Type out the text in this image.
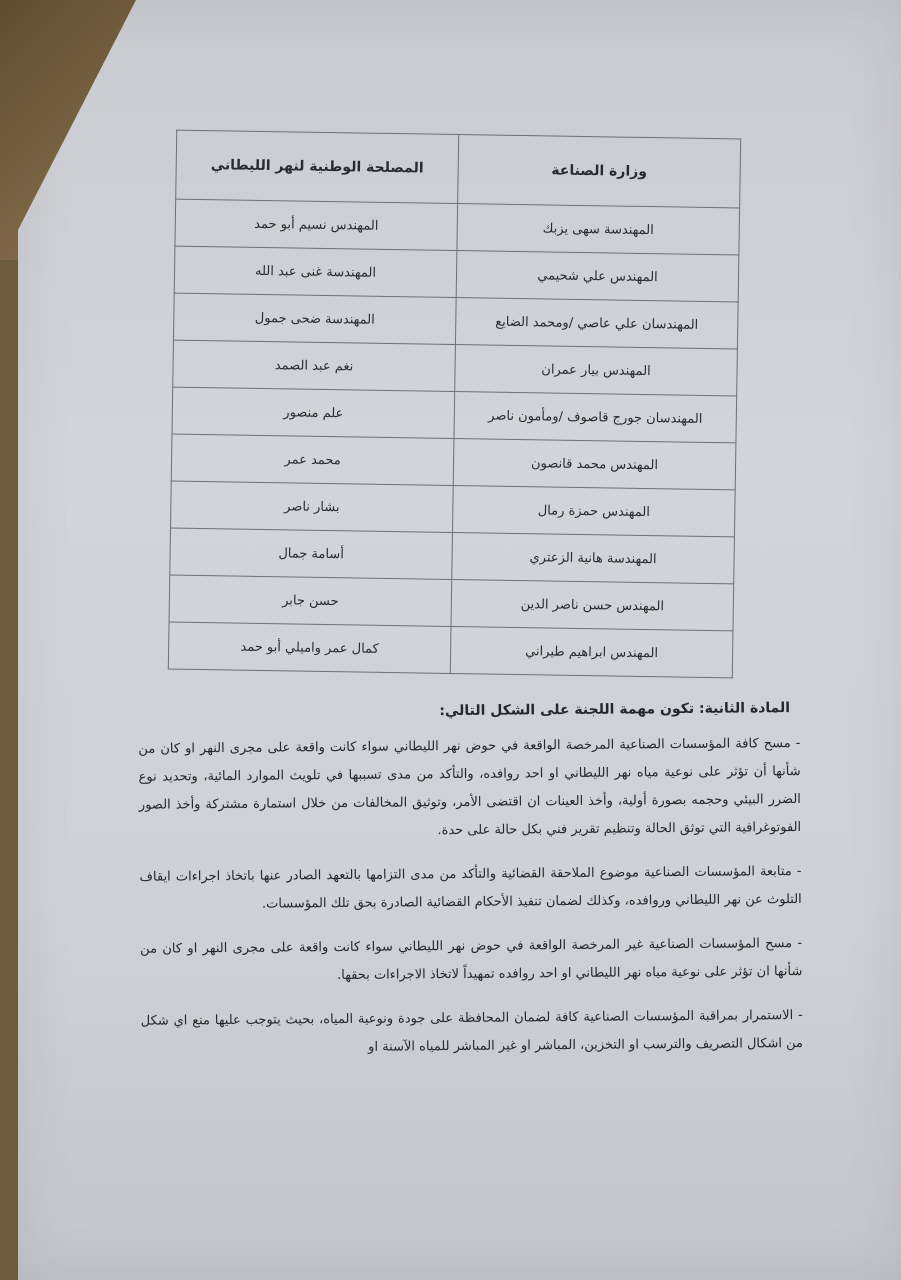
وزارة الصناعة	المصلحة الوطنية لنهر الليطاني
المهندسة سهى يزبك	المهندس نسيم أبو حمد
المهندس علي شحيمي	المهندسة غنى عبد الله
المهندسان علي عاصي /ومحمد الضايع	المهندسة ضحى جمول
المهندس بيار عمران	نغم عبد الصمد
المهندسان جورج قاصوف /ومأمون ناصر	علم منصور
المهندس محمد قانصون	محمد عمر
المهندس حمزة رمال	بشار ناصر
المهندسة هانية الزعتري	أسامة جمال
المهندس حسن ناصر الدين	حسن جابر
المهندس ابراهيم طيراني	كمال عمر واميلي أبو حمد
المادة الثانية: تكون مهمة اللجنة على الشكل التالي:

- مسح كافة المؤسسات الصناعية المرخصة الواقعة في حوض نهر الليطاني سواء كانت واقعة على مجرى النهر او كان من شأنها أن تؤثر على نوعية مياه نهر الليطاني او احد روافده، والتأكد من مدى تسببها في تلويث الموارد المائية، وتحديد نوع الضرر البيئي وحجمه بصورة أولية، وأخذ العينات ان اقتضى الأمر، وتوثيق المخالفات من خلال استمارة مشتركة وأخذ الصور الفوتوغرافية التي توثق الحالة وتنظيم تقرير فني بكل حالة على حدة.

- متابعة المؤسسات الصناعية موضوع الملاحقة القضائية والتأكد من مدى التزامها بالتعهد الصادر عنها باتخاذ اجراءات ايقاف التلوث عن نهر الليطاني وروافده، وكذلك لضمان تنفيذ الأحكام القضائية الصادرة بحق تلك المؤسسات.

- مسح المؤسسات الصناعية غير المرخصة الواقعة في حوض نهر الليطاني سواء كانت واقعة على مجرى النهر او كان من شأنها ان تؤثر على نوعية مياه نهر الليطاني او احد روافده تمهيداً لاتخاذ الاجراءات بحقها.

- الاستمرار بمراقبة المؤسسات الصناعية كافة لضمان المحافظة على جودة ونوعية المياه، بحيث يتوجب عليها منع اي شكل من اشكال التصريف والترسب او التخزين، المباشر او غير المباشر للمياه الآسنة او
